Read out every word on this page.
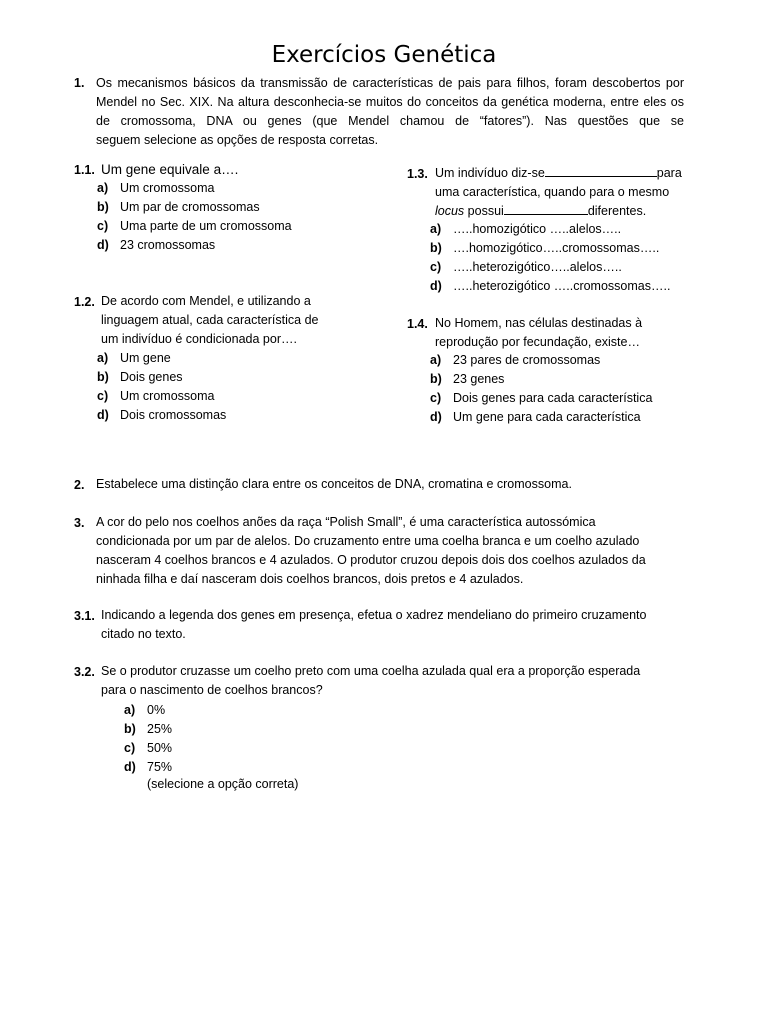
Exercícios Genética
1. Os mecanismos básicos da transmissão de características de pais para filhos, foram descobertos por
Mendel no Sec. XIX. Na altura desconhecia-se muitos do conceitos da genética moderna, entre eles os
de cromossoma, DNA ou genes (que Mendel chamou de “fatores”). Nas questões que se
seguem selecione as opções de resposta corretas.
1.1. Um gene equivale a….
a) Um cromossoma
b) Um par de cromossomas
c) Uma parte de um cromossoma
d) 23 cromossomas
1.2. De acordo com Mendel, e utilizando a
linguagem atual, cada característica de
um indivíduo é condicionada por….
a) Um gene
b) Dois genes
c) Um cromossoma
d) Dois cromossomas
1.3. Um indivíduo diz-se	para
uma característica, quando para o mesmo
locus possui	diferentes.
a) …..homozigótico …..alelos…..
b) ….homozigótico…..cromossomas…..
c) …..heterozigótico…..alelos…..
d) …..heterozigótico …..cromossomas…..
1.4. No Homem, nas células destinadas à
reprodução por fecundação, existe…
a) 23 pares de cromossomas
b) 23 genes
c) Dois genes para cada característica
d) Um gene para cada característica
2. Estabelece uma distinção clara entre os conceitos de DNA, cromatina e cromossoma.
3. A cor do pelo nos coelhos anões da raça “Polish Small”, é uma característica autossómica
condicionada por um par de alelos. Do cruzamento entre uma coelha branca e um coelho azulado
nasceram 4 coelhos brancos e 4 azulados. O produtor cruzou depois dois dos coelhos azulados da
ninhada filha e daí nasceram dois coelhos brancos, dois pretos e 4 azulados.
3.1. Indicando a legenda dos genes em presença, efetua o xadrez mendeliano do primeiro cruzamento
citado no texto.
3.2. Se o produtor cruzasse um coelho preto com uma coelha azulada qual era a proporção esperada
para o nascimento de coelhos brancos?
a) 0%
b) 25%
c) 50%
d) 75%
(selecione a opção correta)
